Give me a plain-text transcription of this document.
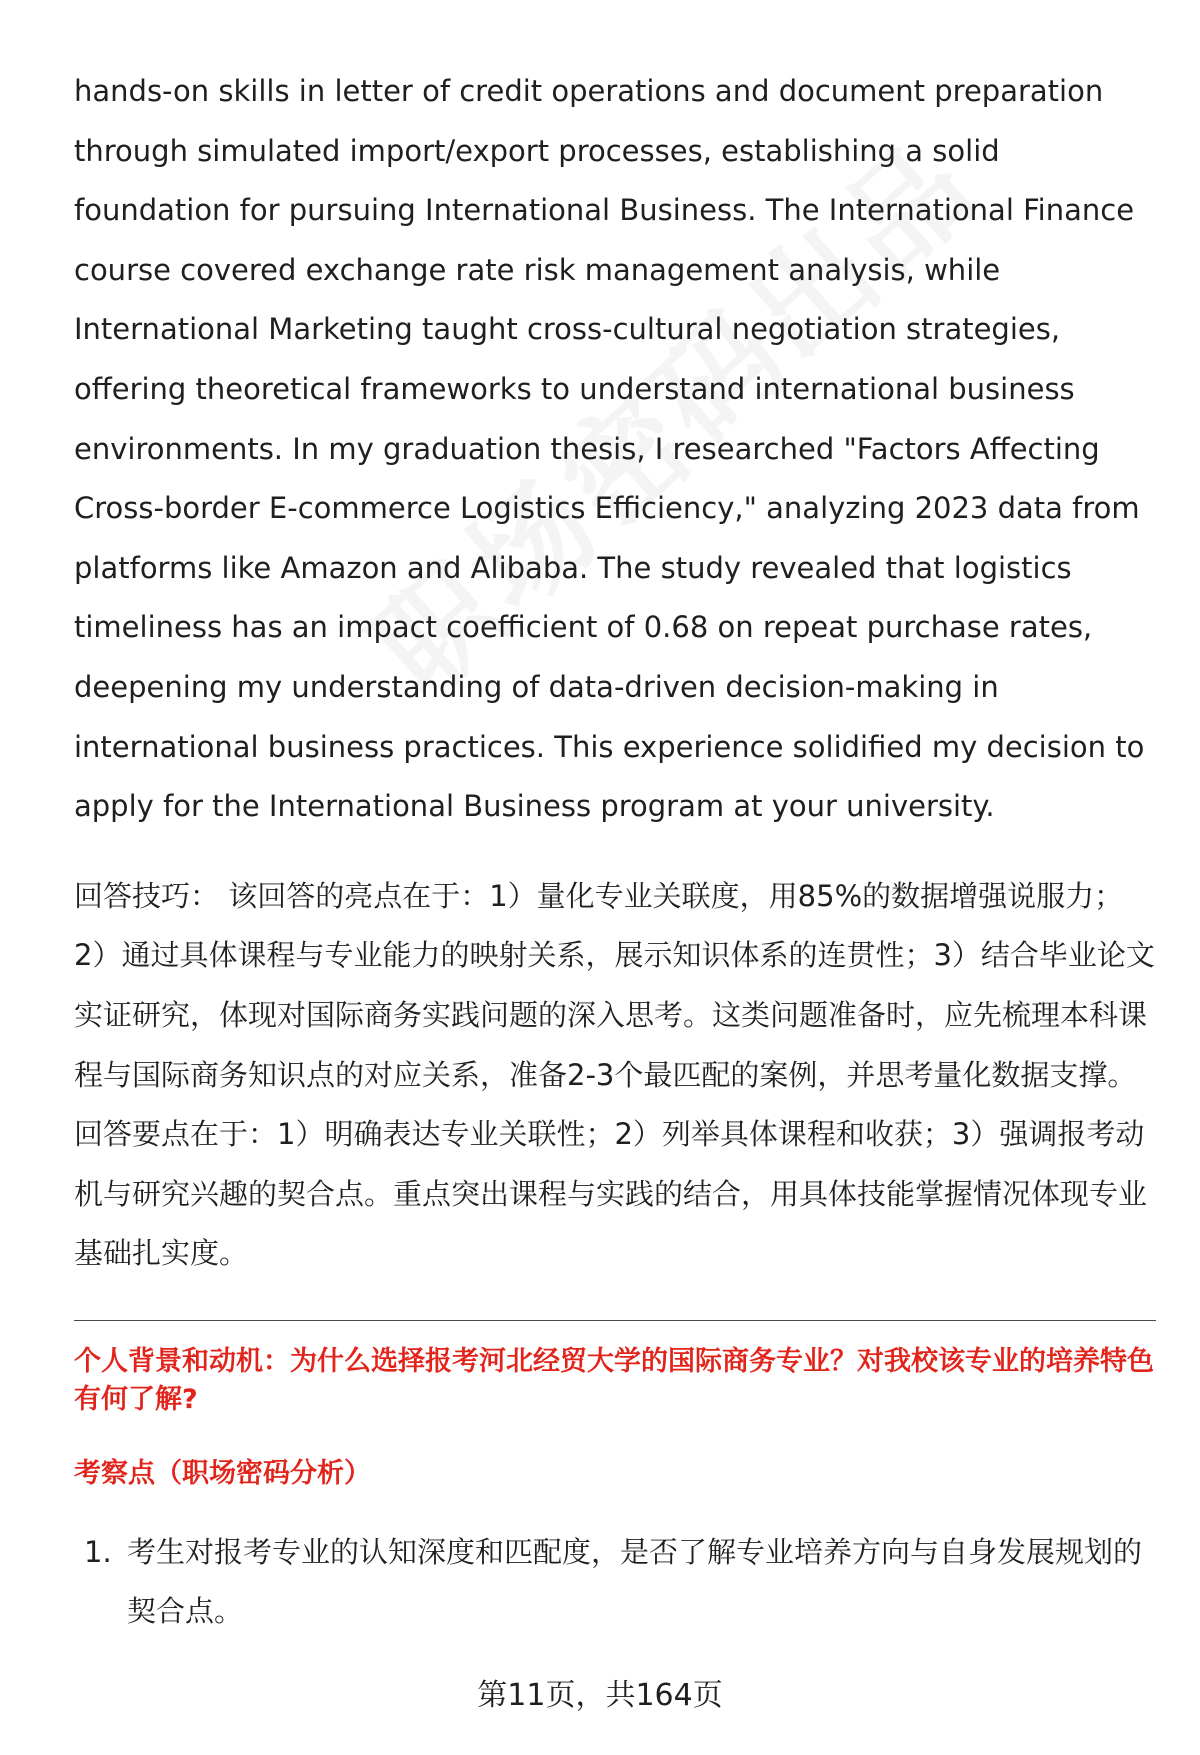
hands-on skills in letter of credit operations and document preparation through simulated import/export processes, establishing a solid foundation for pursuing International Business. The International Finance course covered exchange rate risk management analysis, while International Marketing taught cross-cultural negotiation strategies, offering theoretical frameworks to understand international business environments. In my graduation thesis, I researched "Factors Affecting Cross-border E-commerce Logistics Efficiency," analyzing 2023 data from platforms like Amazon and Alibaba. The study revealed that logistics timeliness has an impact coefficient of 0.68 on repeat purchase rates, deepening my understanding of data-driven decision-making in international business practices. This experience solidified my decision to apply for the International Business program at your university.

回答技巧： 该回答的亮点在于：1）量化专业关联度，用85%的数据增强说服力；2）通过具体课程与专业能力的映射关系，展示知识体系的连贯性；3）结合毕业论文实证研究，体现对国际商务实践问题的深入思考。这类问题准备时，应先梳理本科课程与国际商务知识点的对应关系，准备2-3个最匹配的案例，并思考量化数据支撑。回答要点在于：1）明确表达专业关联性；2）列举具体课程和收获；3）强调报考动机与研究兴趣的契合点。重点突出课程与实践的结合，用具体技能掌握情况体现专业基础扎实度。
个人背景和动机：为什么选择报考河北经贸大学的国际商务专业？对我校该专业的培养特色有何了解?
考察点（职场密码分析）
1. 考生对报考专业的认知深度和匹配度，是否了解专业培养方向与自身发展规划的契合点。
第11页，共164页
